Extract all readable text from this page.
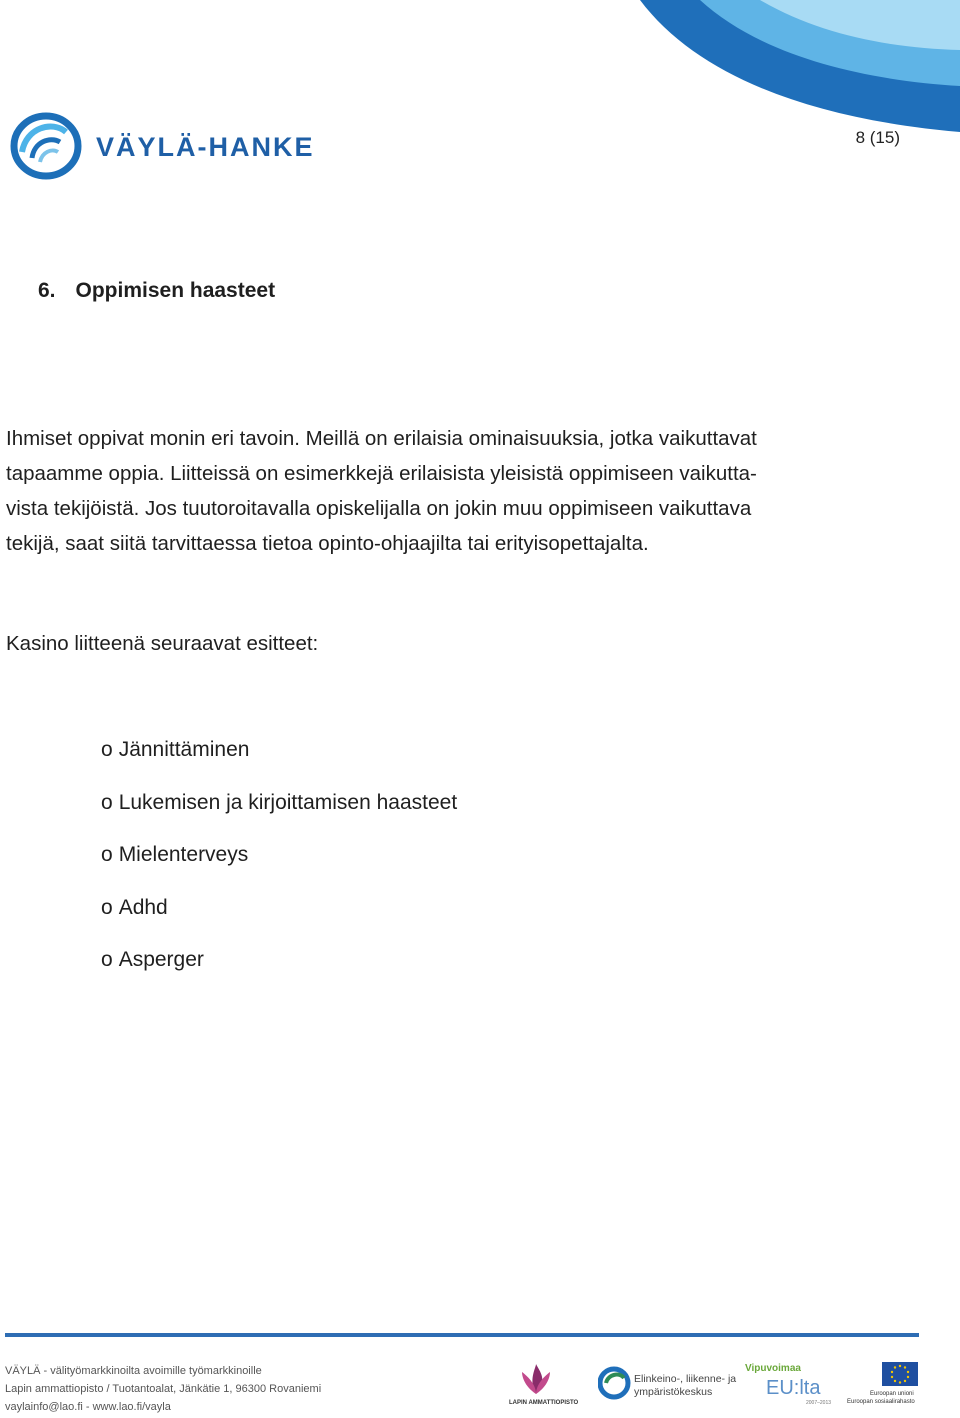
VÄYLÄ-HANKE	8 (15)
6. Oppimisen haasteet
Ihmiset oppivat monin eri tavoin. Meillä on erilaisia ominaisuuksia, jotka vaikuttavat
tapaamme oppia. Liitteissä on esimerkkejä erilaisista yleisistä oppimiseen vaikutta-
vista tekijöistä. Jos tuutoroitavalla opiskelijalla on jokin muu oppimiseen vaikuttava
tekijä, saat siitä tarvittaessa tietoa opinto-ohjaajilta tai erityisopettajalta.
Kasino liitteenä seuraavat esitteet:
o Jännittäminen
o Lukemisen ja kirjoittamisen haasteet
o Mielenterveys
o Adhd
o Asperger
VÄYLÄ - välityömarkkinoilta avoimille työmarkkinoille
Lapin ammattiopisto / Tuotantoalat, Jänkätie 1, 96300 Rovaniemi
vaylainfo@lao.fi - www.lao.fi/vayla	LAPIN AMMATTIOPISTO
Elinkeino-, liikenne- ja
ympäristökeskus
Vipuvoimaa
EU:lta
2007–2013
Euroopan unioni
Euroopan sosiaalirahasto
